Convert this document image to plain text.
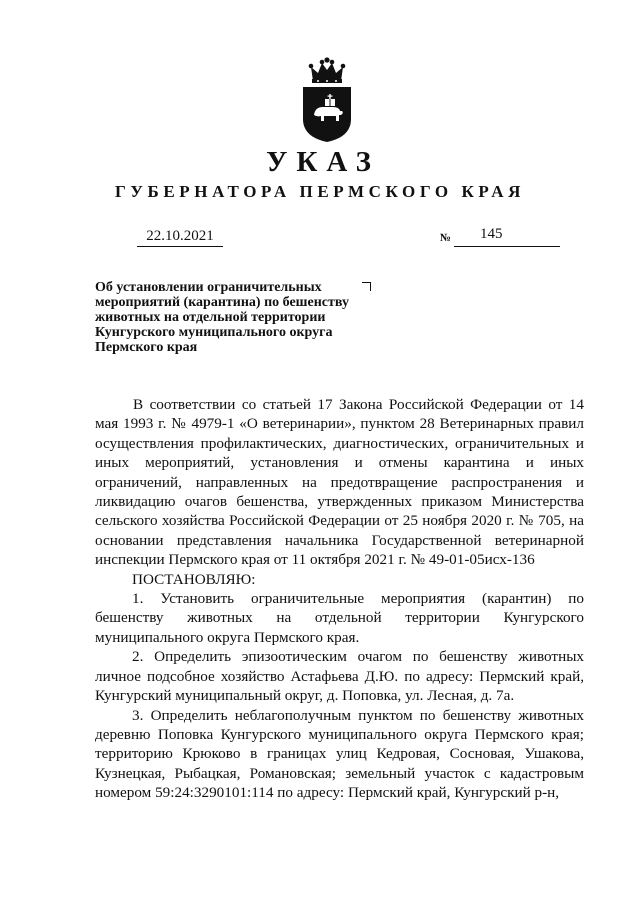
УКАЗ
ГУБЕРНАТОРА ПЕРМСКОГО КРАЯ
22.10.2021	№ 145
Об установлении ограничительных
мероприятий (карантина) по бешенству
животных на отдельной территории
Кунгурского муниципального округа
Пермского края

В соответствии со статьей 17 Закона Российской Федерации от 14 мая 1993 г. № 4979-1 «О ветеринарии», пунктом 28 Ветеринарных правил осуществления профилактических, диагностических, ограничительных и иных мероприятий, установления и отмены карантина и иных ограничений, направленных на предотвращение распространения и ликвидацию очагов бешенства, утвержденных приказом Министерства сельского хозяйства Российской Федерации от 25 ноября 2020 г. № 705, на основании представления начальника Государственной ветеринарной инспекции Пермского края от 11 октября 2021 г. № 49-01-05исх-136

ПОСТАНОВЛЯЮ:

1. Установить ограничительные мероприятия (карантин) по бешенству животных на отдельной территории Кунгурского муниципального округа Пермского края.

2. Определить эпизоотическим очагом по бешенству животных личное подсобное хозяйство Астафьева Д.Ю. по адресу: Пермский край, Кунгурский муниципальный округ, д. Поповка, ул. Лесная, д. 7а.

3. Определить неблагополучным пунктом по бешенству животных деревню Поповка Кунгурского муниципального округа Пермского края; территорию Крюково в границах улиц Кедровая, Сосновая, Ушакова, Кузнецкая, Рыбацкая, Романовская; земельный участок с кадастровым номером 59:24:3290101:114 по адресу: Пермский край, Кунгурский р-н,
